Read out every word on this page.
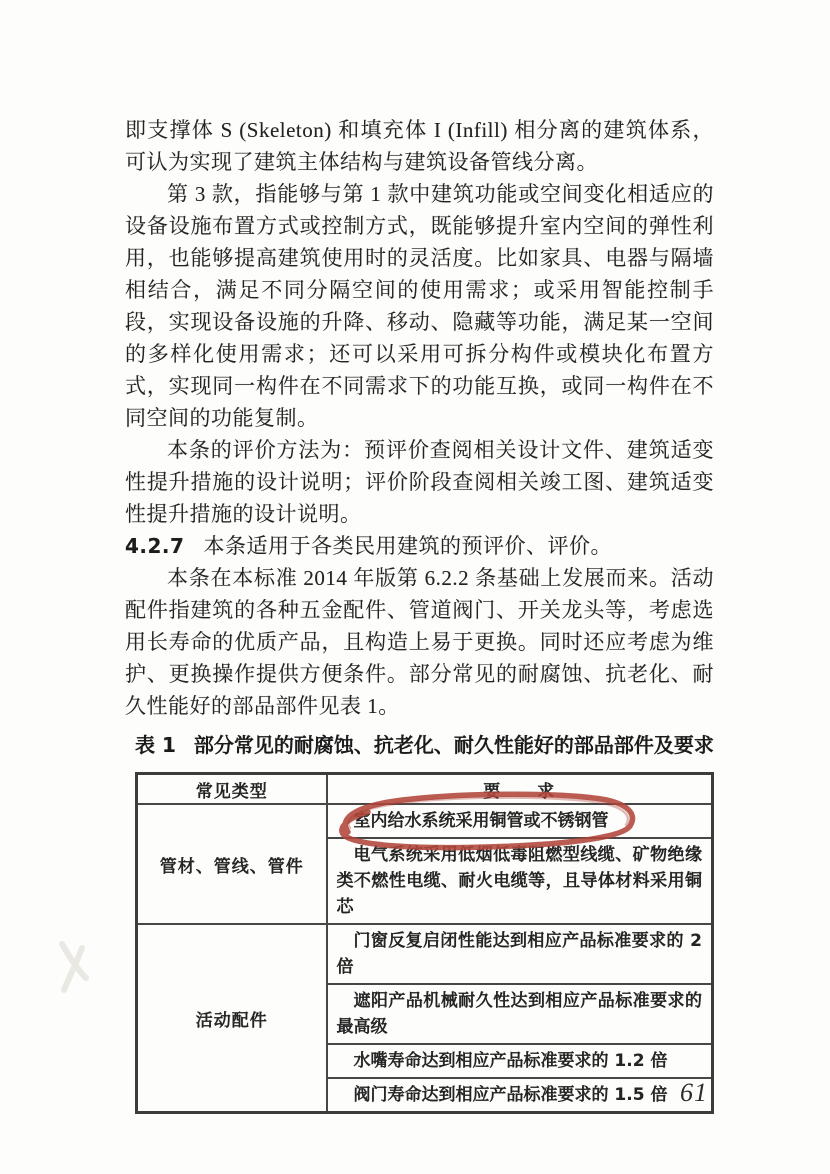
即支撑体 S (Skeleton) 和填充体 I (Infill) 相分离的建筑体系，可认为实现了建筑主体结构与建筑设备管线分离。

第 3 款，指能够与第 1 款中建筑功能或空间变化相适应的设备设施布置方式或控制方式，既能够提升室内空间的弹性利用，也能够提高建筑使用时的灵活度。比如家具、电器与隔墙相结合，满足不同分隔空间的使用需求；或采用智能控制手段，实现设备设施的升降、移动、隐藏等功能，满足某一空间的多样化使用需求；还可以采用可拆分构件或模块化布置方式，实现同一构件在不同需求下的功能互换，或同一构件在不同空间的功能复制。

本条的评价方法为：预评价查阅相关设计文件、建筑适变性提升措施的设计说明；评价阶段查阅相关竣工图、建筑适变性提升措施的设计说明。

4.2.7 本条适用于各类民用建筑的预评价、评价。

本条在本标准 2014 年版第 6.2.2 条基础上发展而来。活动配件指建筑的各种五金配件、管道阀门、开关龙头等，考虑选用长寿命的优质产品，且构造上易于更换。同时还应考虑为维护、更换操作提供方便条件。部分常见的耐腐蚀、抗老化、耐久性能好的部品部件见表 1。

表 1 部分常见的耐腐蚀、抗老化、耐久性能好的部品部件及要求
常见类型	要　　求
管材、管线、管件	室内给水系统采用铜管或不锈钢管

	电气系统采用低烟低毒阻燃型线缆、矿物绝缘类不燃性电缆、耐火电缆等，且导体材料采用铜芯

活动配件	门窗反复启闭性能达到相应产品标准要求的 2 倍

	遮阳产品机械耐久性达到相应产品标准要求的最高级

	水嘴寿命达到相应产品标准要求的 1.2 倍

	阀门寿命达到相应产品标准要求的 1.5 倍 61
